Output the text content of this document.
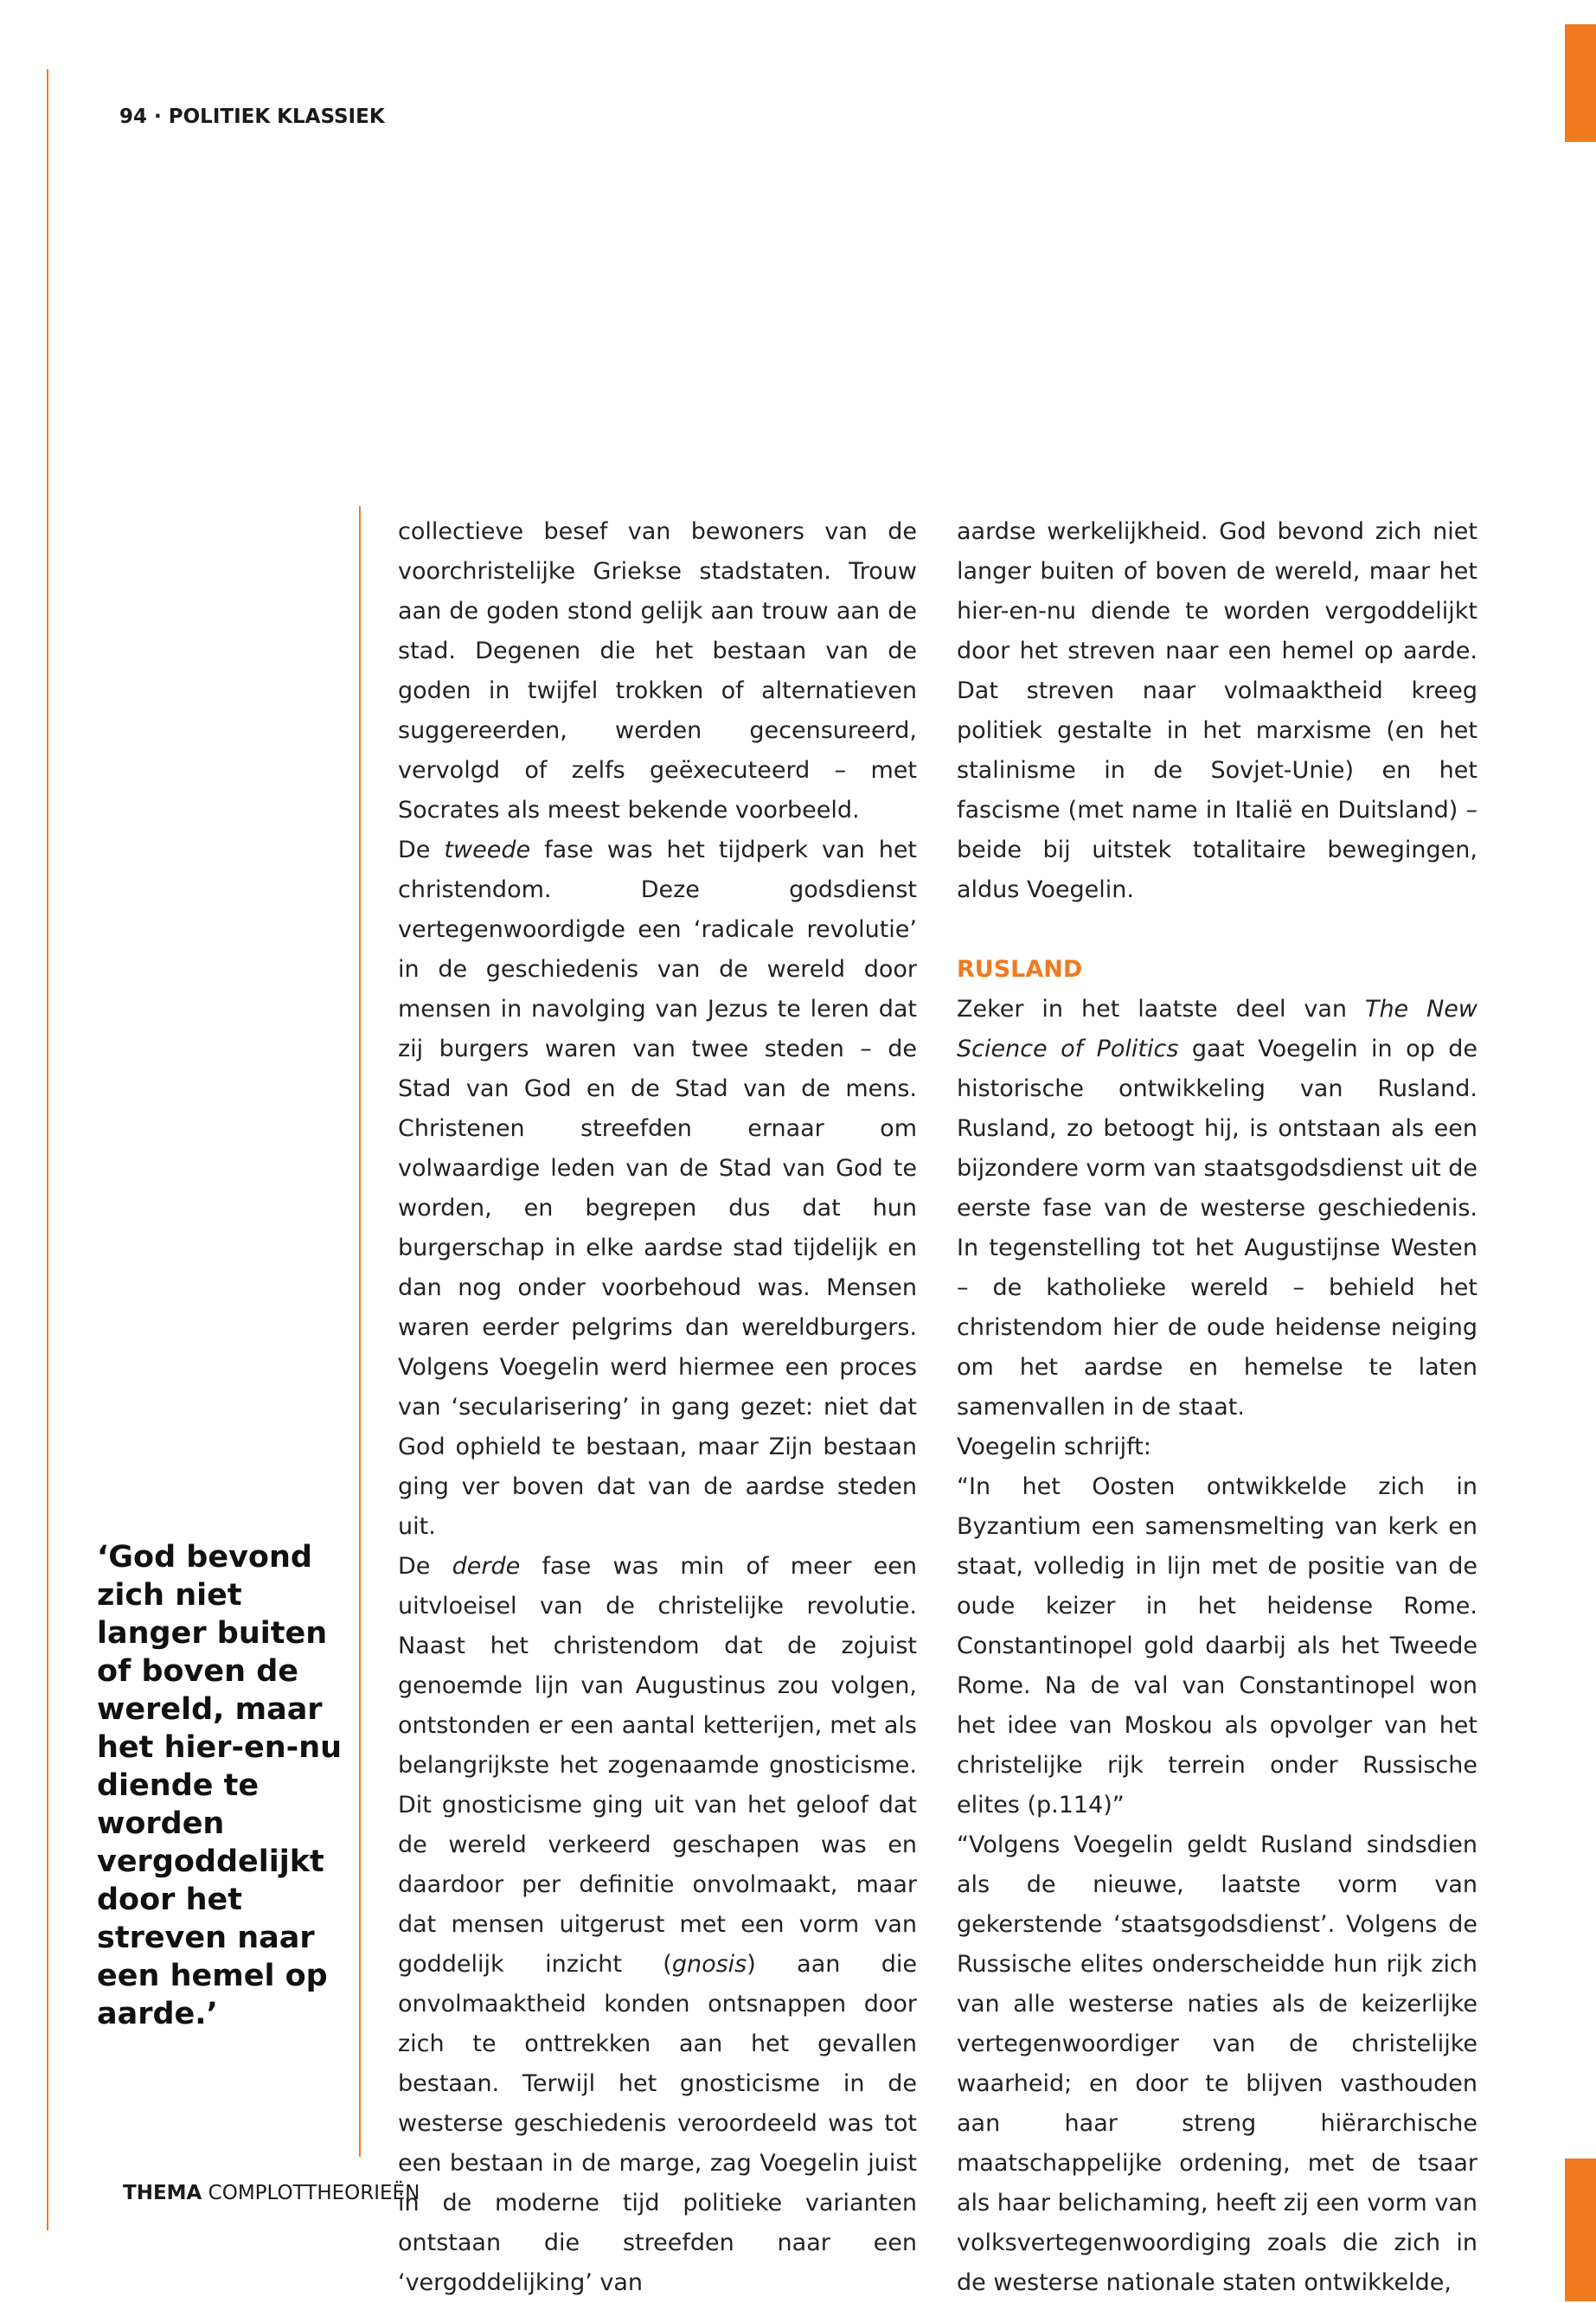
94 · POLITIEK KLASSIEK
‘God bevond zich niet langer buiten of boven de wereld, maar het hier-en-nu diende te worden vergoddelijkt door het streven naar een hemel op aarde.’

collectieve besef van bewoners van de voorchristelijke Griekse stadstaten. Trouw aan de goden stond gelijk aan trouw aan de stad. Degenen die het bestaan van de goden in twijfel trokken of alternatieven suggereerden, werden gecensureerd, vervolgd of zelfs geëxecuteerd – met Socrates als meest bekende voorbeeld.

De tweede fase was het tijdperk van het christendom. Deze godsdienst vertegenwoordigde een ‘radicale revolutie’ in de geschiedenis van de wereld door mensen in navolging van Jezus te leren dat zij burgers waren van twee steden – de Stad van God en de Stad van de mens. Christenen streefden ernaar om volwaardige leden van de Stad van God te worden, en begrepen dus dat hun burgerschap in elke aardse stad tijdelijk en dan nog onder voorbehoud was. Mensen waren eerder pelgrims dan wereldburgers. Volgens Voegelin werd hiermee een proces van ‘secularisering’ in gang gezet: niet dat God ophield te bestaan, maar Zijn bestaan ging ver boven dat van de aardse steden uit.

De derde fase was min of meer een uitvloeisel van de christelijke revolutie. Naast het christendom dat de zojuist genoemde lijn van Augustinus zou volgen, ontstonden er een aantal ketterijen, met als belangrijkste het zogenaamde gnosticisme. Dit gnosticisme ging uit van het geloof dat de wereld verkeerd geschapen was en daardoor per definitie onvolmaakt, maar dat mensen uitgerust met een vorm van goddelijk inzicht (gnosis) aan die onvolmaaktheid konden ontsnappen door zich te onttrekken aan het gevallen bestaan. Terwijl het gnosticisme in de westerse geschiedenis veroordeeld was tot een bestaan in de marge, zag Voegelin juist in de moderne tijd politieke varianten ontstaan die streefden naar een ‘vergoddelijking’ van

aardse werkelijkheid. God bevond zich niet langer buiten of boven de wereld, maar het hier-en-nu diende te worden vergoddelijkt door het streven naar een hemel op aarde. Dat streven naar volmaaktheid kreeg politiek gestalte in het marxisme (en het stalinisme in de Sovjet-Unie) en het fascisme (met name in Italië en Duitsland) – beide bij uitstek totalitaire bewegingen, aldus Voegelin.

RUSLAND

Zeker in het laatste deel van The New Science of Politics gaat Voegelin in op de historische ontwikkeling van Rusland. Rusland, zo betoogt hij, is ontstaan als een bijzondere vorm van staatsgodsdienst uit de eerste fase van de westerse geschiedenis. In tegenstelling tot het Augustijnse Westen – de katholieke wereld – behield het christendom hier de oude heidense neiging om het aardse en hemelse te laten samenvallen in de staat.

Voegelin schrijft:

“In het Oosten ontwikkelde zich in Byzantium een samensmelting van kerk en staat, volledig in lijn met de positie van de oude keizer in het heidense Rome. Constantinopel gold daarbij als het Tweede Rome. Na de val van Constantinopel won het idee van Moskou als opvolger van het christelijke rijk terrein onder Russische elites (p.114)”

“Volgens Voegelin geldt Rusland sindsdien als de nieuwe, laatste vorm van gekerstende ‘staatsgodsdienst’. Volgens de Russische elites onderscheidde hun rijk zich van alle westerse naties als de keizerlijke vertegenwoordiger van de christelijke waarheid; en door te blijven vasthouden aan haar streng hiërarchische maatschappelijke ordening, met de tsaar als haar belichaming, heeft zij een vorm van volksvertegenwoordiging zoals die zich in de westerse nationale staten ontwikkelde,

THEMA COMPLOTTHEORIEËN
